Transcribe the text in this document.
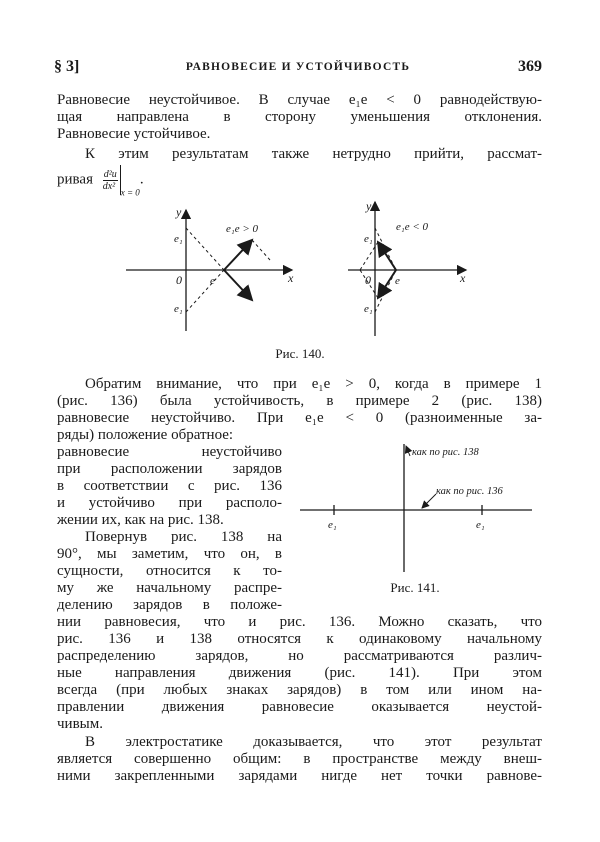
§ 3]	РАВНОВЕСИЕ И УСТОЙЧИВОСТЬ	369
Равновесие неустойчивое. В случае e₁e < 0 равнодействую-
щая направлена в сторону уменьшения отклонения.
Равновесие устойчивое.
К этим результатам также нетрудно прийти, рассмат-
ривая $\frac{\text{d²u}}{\text{dx²}}_{x = 0}$.
y
x
0
e₁
e₁
e
e₁e > 0
y
x
0
e₁
e₁
e
e₁e < 0
Рис. 140.
Обратим внимание, что при e₁e > 0, когда в примере 1
(рис. 136) была устойчивость, в примере 2 (рис. 138)
равновесие неустойчиво. При e₁e < 0 (разноименные за-
ряды) положение обратное:
равновесие неустойчиво
при расположении зарядов
в соответствии с рис. 136
и устойчиво при располо-
жении их, как на рис. 138.
Повернув рис. 138 на
90°, мы заметим, что он, в
сущности, относится к то-
му же начальному распре-
делению зарядов в положе-
как по рис. 138
как по рис. 136
e₁	e₁
Рис. 141.
нии равновесия, что и рис. 136. Можно сказать, что
рис. 136 и 138 относятся к одинаковому начальному
распределению зарядов, но рассматриваются различ-
ные направления движения (рис. 141). При этом
всегда (при любых знаках зарядов) в том или ином на-
правлении движения равновесие оказывается неустой-
чивым.
В электростатике доказывается, что этот результат
является совершенно общим: в пространстве между внеш-
ними закрепленными зарядами нигде нет точки равнове-
